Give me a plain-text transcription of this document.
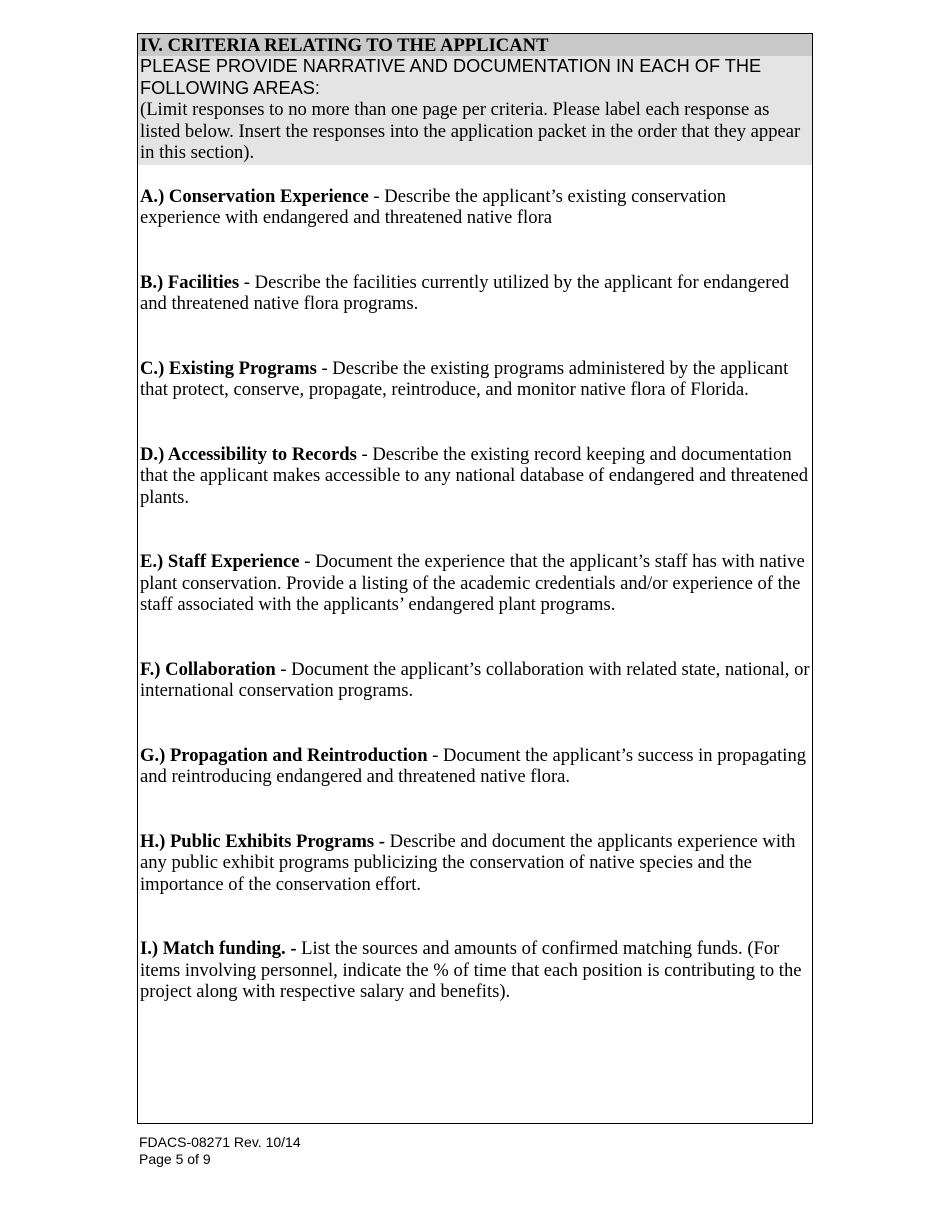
IV. CRITERIA RELATING TO THE APPLICANT
PLEASE PROVIDE NARRATIVE AND DOCUMENTATION IN EACH OF THE FOLLOWING AREAS:
(Limit responses to no more than one page per criteria. Please label each response as listed below. Insert the responses into the application packet in the order that they appear in this section).

A.) Conservation Experience - Describe the applicant’s existing conservation experience with endangered and threatened native flora

B.) Facilities - Describe the facilities currently utilized by the applicant for endangered and threatened native flora programs.

C.) Existing Programs - Describe the existing programs administered by the applicant that protect, conserve, propagate, reintroduce, and monitor native flora of Florida.

D.) Accessibility to Records - Describe the existing record keeping and documentation that the applicant makes accessible to any national database of endangered and threatened plants.

E.) Staff Experience - Document the experience that the applicant’s staff has with native plant conservation. Provide a listing of the academic credentials and/or experience of the staff associated with the applicants’ endangered plant programs.

F.) Collaboration - Document the applicant’s collaboration with related state, national, or international conservation programs.

G.) Propagation and Reintroduction - Document the applicant’s success in propagating and reintroducing endangered and threatened native flora.

H.) Public Exhibits Programs - Describe and document the applicants experience with any public exhibit programs publicizing the conservation of native species and the importance of the conservation effort.

I.) Match funding. - List the sources and amounts of confirmed matching funds. (For items involving personnel, indicate the % of time that each position is contributing to the project along with respective salary and benefits).

FDACS-08271 Rev. 10/14
Page 5 of 9
